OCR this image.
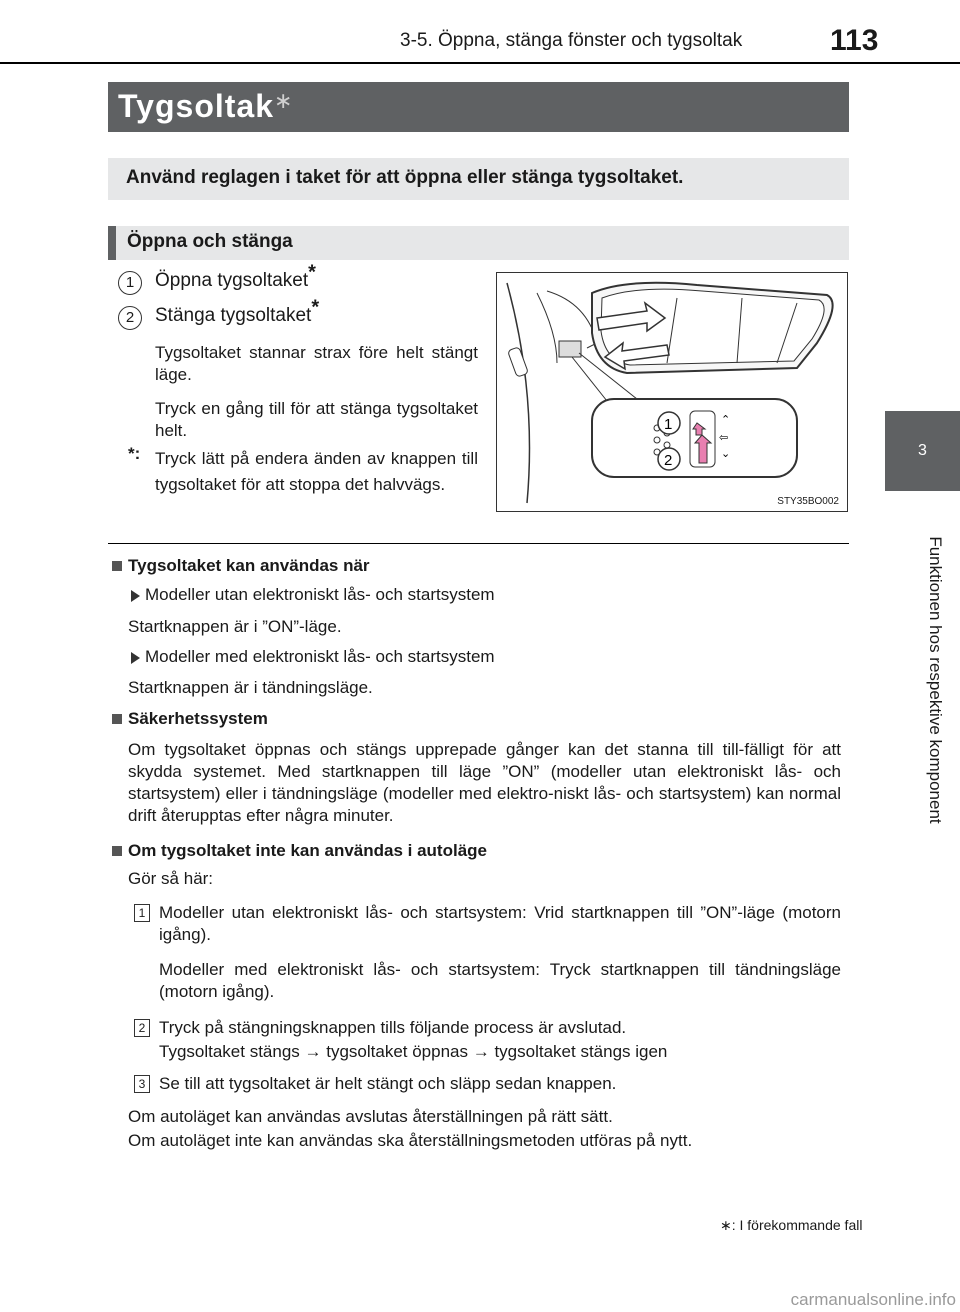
3-5. Öppna, stänga fönster och tygsoltak	113
3
Funktionen hos respektive komponent
Tygsoltak∗
Använd reglagen i taket för att öppna eller stänga tygsoltaket.
Öppna och stänga
1	Öppna tygsoltaket*
2	Stänga tygsoltaket*
Tygsoltaket stannar strax före helt stängt läge.
Tryck en gång till för att stänga tygsoltaket helt.
*: Tryck lätt på endera änden av knappen till tygsoltaket för att stoppa det halvvägs.
1
2
⌃
⇦
⌄
STY35BO002
Tygsoltaket kan användas när
Modeller utan elektroniskt lås- och startsystem
Startknappen är i ”ON”-läge.
Modeller med elektroniskt lås- och startsystem
Startknappen är i tändningsläge.
Säkerhetssystem
Om tygsoltaket öppnas och stängs upprepade gånger kan det stanna till till-fälligt för att skydda systemet. Med startknappen till läge ”ON” (modeller utan elektroniskt lås- och startsystem) eller i tändningsläge (modeller med elektro-niskt lås- och startsystem) kan normal drift återupptas efter några minuter.
Om tygsoltaket inte kan användas i autoläge
Gör så här:
1 Modeller utan elektroniskt lås- och startsystem: Vrid startknappen till ”ON”-läge (motorn igång).
Modeller med elektroniskt lås- och startsystem: Tryck startknappen till tändningsläge (motorn igång).
2 Tryck på stängningsknappen tills följande process är avslutad.
Tygsoltaket stängs → tygsoltaket öppnas → tygsoltaket stängs igen
3 Se till att tygsoltaket är helt stängt och släpp sedan knappen.
Om autoläget kan användas avslutas återställningen på rätt sätt.
Om autoläget inte kan användas ska återställningsmetoden utföras på nytt.
∗: I förekommande fall
carmanualsonline.info
